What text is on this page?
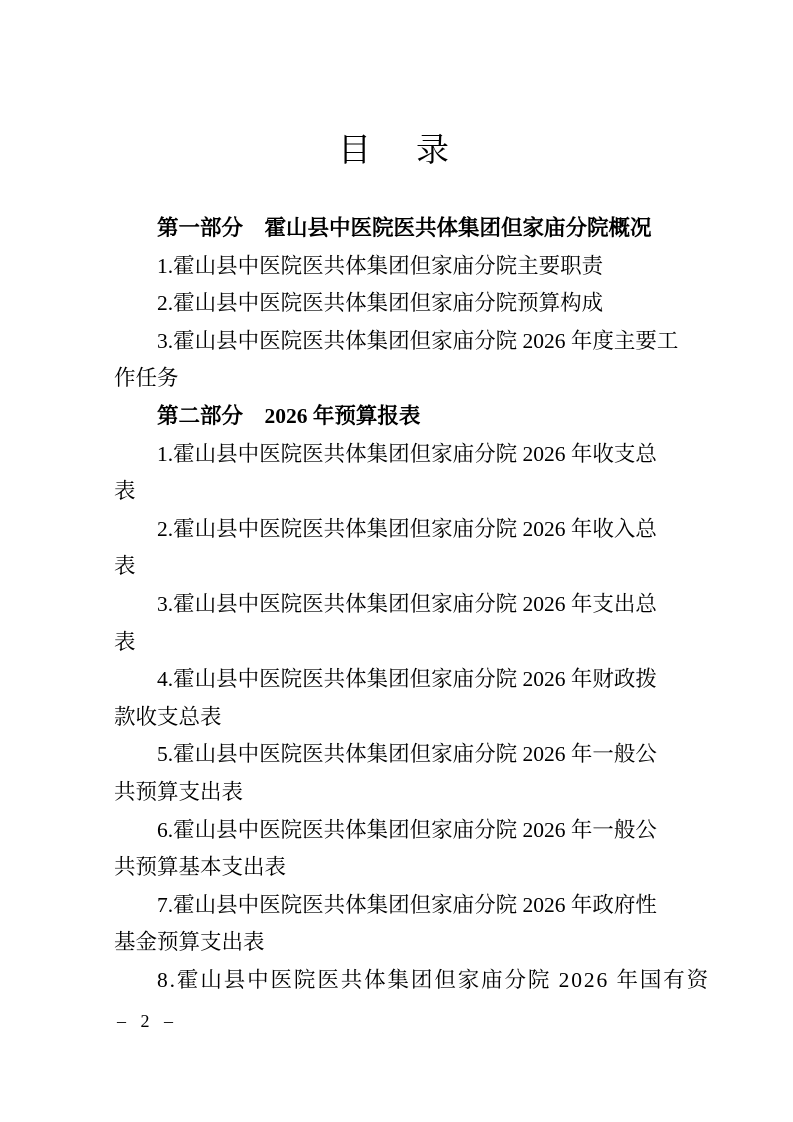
目　录

第一部分　霍山县中医院医共体集团但家庙分院概况

1.霍山县中医院医共体集团但家庙分院主要职责

2.霍山县中医院医共体集团但家庙分院预算构成

3.霍山县中医院医共体集团但家庙分院 2026 年度主要工
作任务

第二部分　2026 年预算报表

1.霍山县中医院医共体集团但家庙分院 2026 年收支总
表

2.霍山县中医院医共体集团但家庙分院 2026 年收入总
表

3.霍山县中医院医共体集团但家庙分院 2026 年支出总
表

4.霍山县中医院医共体集团但家庙分院 2026 年财政拨
款收支总表

5.霍山县中医院医共体集团但家庙分院 2026 年一般公
共预算支出表

6.霍山县中医院医共体集团但家庙分院 2026 年一般公
共预算基本支出表

7.霍山县中医院医共体集团但家庙分院 2026 年政府性
基金预算支出表

8.霍山县中医院医共体集团但家庙分院 2026 年国有资

– 2 –
